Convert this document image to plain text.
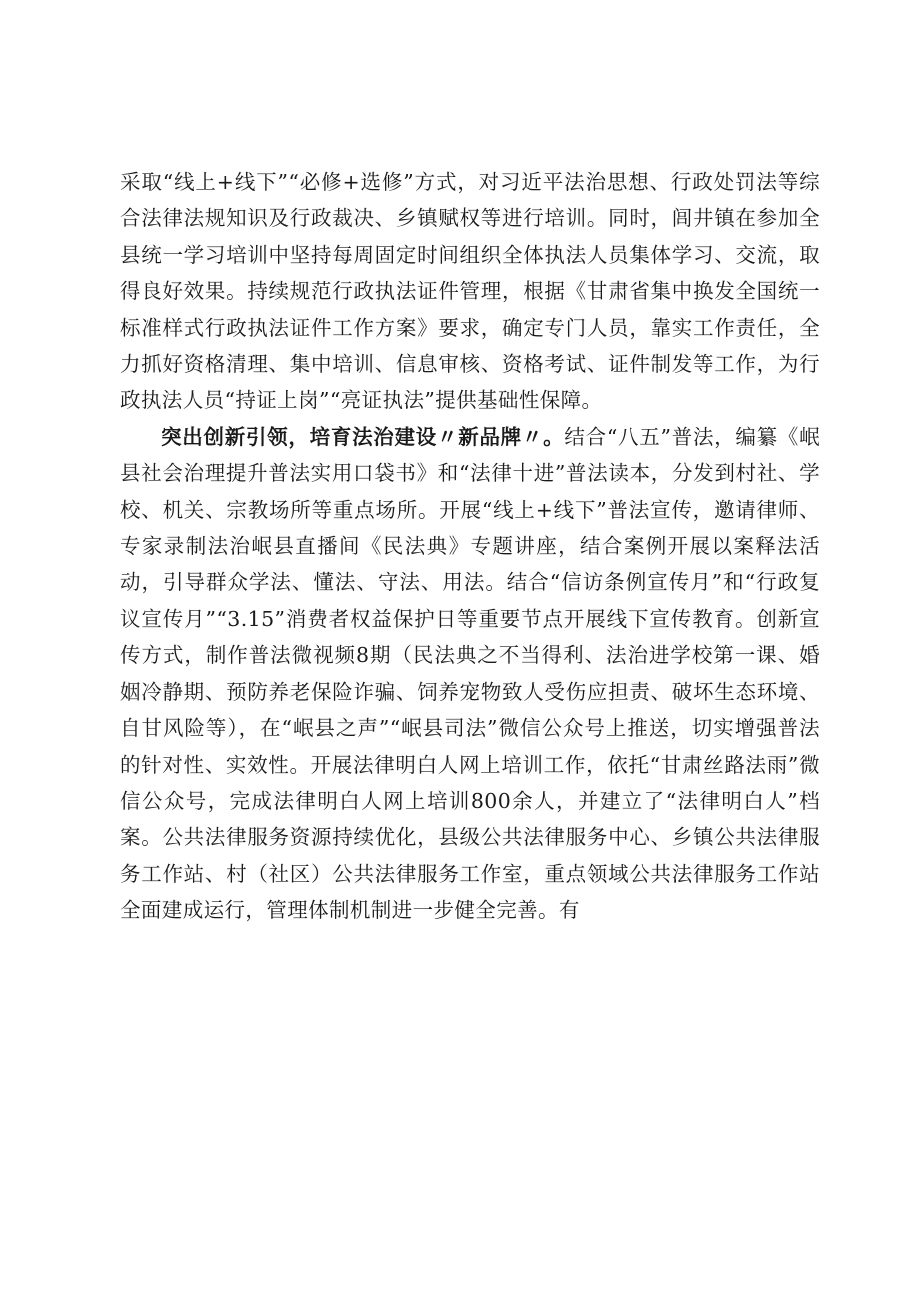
采取“线上+线下”“必修+选修”方式，对习近平法治思想、行政处罚法等综合法律法规知识及行政裁决、乡镇赋权等进行培训。同时，闾井镇在参加全县统一学习培训中坚持每周固定时间组织全体执法人员集体学习、交流，取得良好效果。持续规范行政执法证件管理，根据《甘肃省集中换发全国统一标准样式行政执法证件工作方案》要求，确定专门人员，靠实工作责任，全力抓好资格清理、集中培训、信息审核、资格考试、证件制发等工作，为行政执法人员“持证上岗”“亮证执法”提供基础性保障。

突出创新引领，培育法治建设〃新品牌〃。结合“八五”普法，编纂《岷县社会治理提升普法实用口袋书》和“法律十进”普法读本，分发到村社、学校、机关、宗教场所等重点场所。开展“线上+线下”普法宣传，邀请律师、专家录制法治岷县直播间《民法典》专题讲座，结合案例开展以案释法活动，引导群众学法、懂法、守法、用法。结合“信访条例宣传月”和“行政复议宣传月”“3.15”消费者权益保护日等重要节点开展线下宣传教育。创新宣传方式，制作普法微视频8期（民法典之不当得利、法治进学校第一课、婚姻冷静期、预防养老保险诈骗、饲养宠物致人受伤应担责、破坏生态环境、自甘风险等），在“岷县之声”“岷县司法”微信公众号上推送，切实增强普法的针对性、实效性。开展法律明白人网上培训工作，依托“甘肃丝路法雨”微信公众号，完成法律明白人网上培训800余人，并建立了“法律明白人”档案。公共法律服务资源持续优化，县级公共法律服务中心、乡镇公共法律服务工作站、村（社区）公共法律服务工作室，重点领域公共法律服务工作站全面建成运行，管理体制机制进一步健全完善。有
